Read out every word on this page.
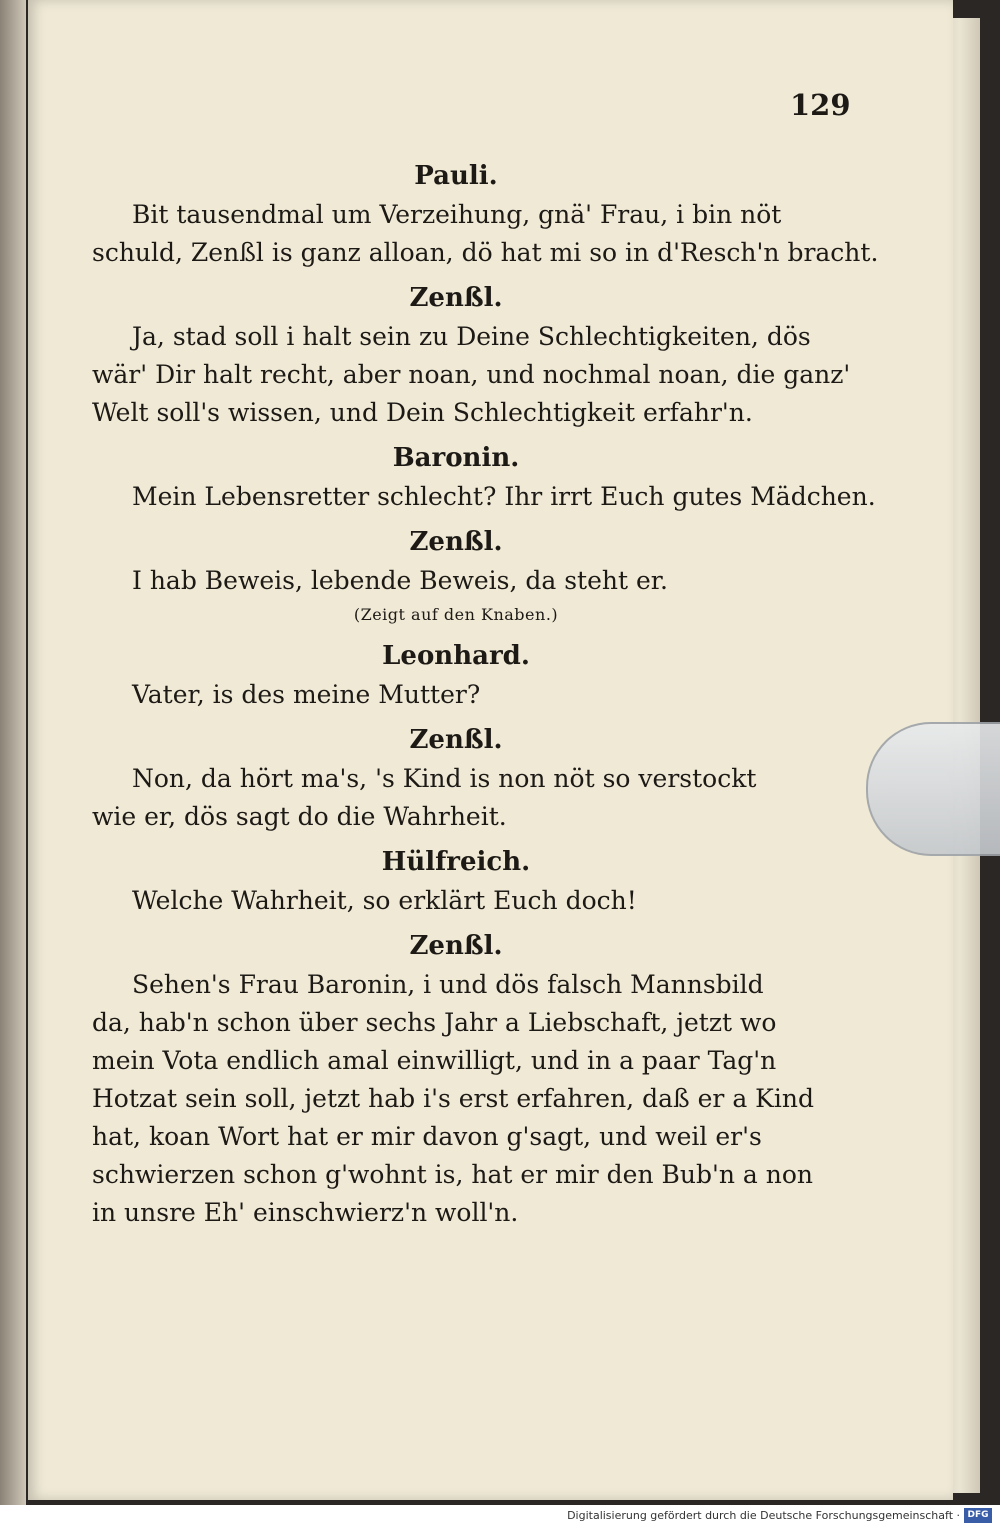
129
Pauli.
Bit tausendmal um Verzeihung, gnä' Frau, i bin nöt
schuld, Zenßl is ganz alloan, dö hat mi so in d'Resch'n bracht.
Zenßl.
Ja, stad soll i halt sein zu Deine Schlechtigkeiten, dös
wär' Dir halt recht, aber noan, und nochmal noan, die ganz'
Welt soll's wissen, und Dein Schlechtigkeit erfahr'n.
Baronin.
Mein Lebensretter schlecht? Ihr irrt Euch gutes Mädchen.
Zenßl.
I hab Beweis, lebende Beweis, da steht er.
(Zeigt auf den Knaben.)
Leonhard.
Vater, is des meine Mutter?
Zenßl.
Non, da hört ma's, 's Kind is non nöt so verstockt
wie er, dös sagt do die Wahrheit.
Hülfreich.
Welche Wahrheit, so erklärt Euch doch!
Zenßl.
Sehen's Frau Baronin, i und dös falsch Mannsbild
da, hab'n schon über sechs Jahr a Liebschaft, jetzt wo
mein Vota endlich amal einwilligt, und in a paar Tag'n
Hotzat sein soll, jetzt hab i's erst erfahren, daß er a Kind
hat, koan Wort hat er mir davon g'sagt, und weil er's
schwierzen schon g'wohnt is, hat er mir den Bub'n a non
in unsre Eh' einschwierz'n woll'n.
Digitalisierung gefördert durch die Deutsche Forschungsgemeinschaft · DFG
